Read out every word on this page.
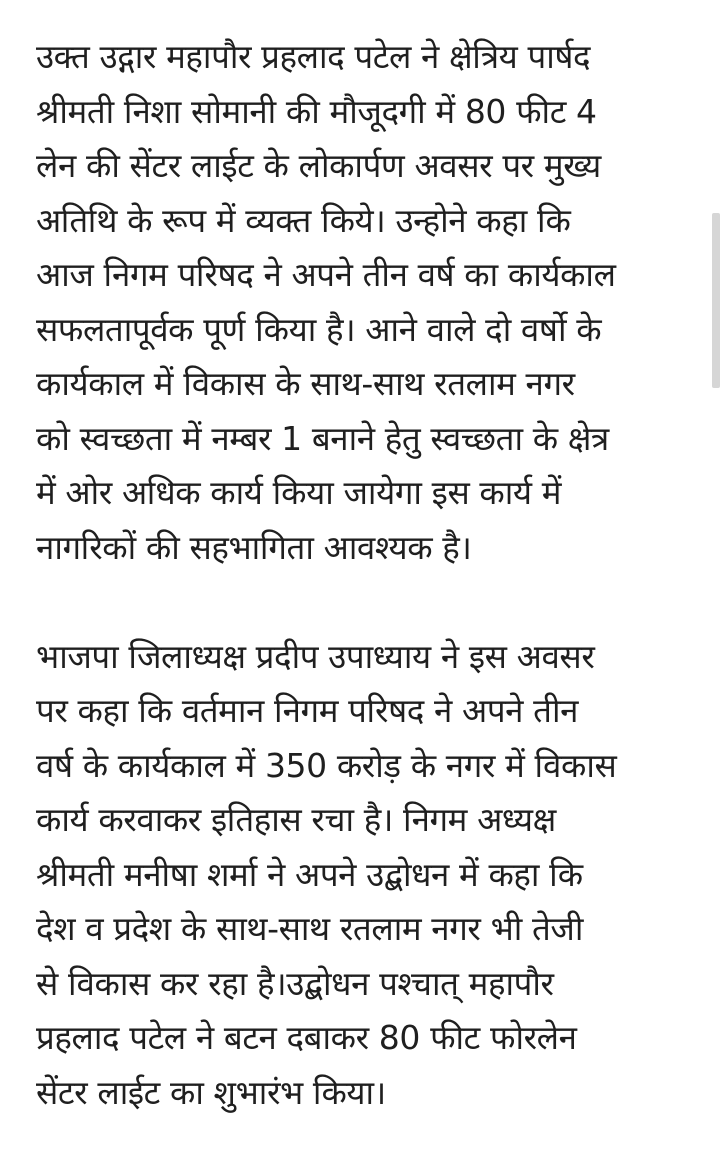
उक्त उद्गार महापौर प्रहलाद पटेल ने क्षेत्रिय पार्षद
श्रीमती निशा सोमानी की मौजूदगी में 80 फीट 4
लेन की सेंटर लाईट के लोकार्पण अवसर पर मुख्य
अतिथि के रूप में व्यक्त किये। उन्होने कहा कि
आज निगम परिषद ने अपने तीन वर्ष का कार्यकाल
सफलतापूर्वक पूर्ण किया है। आने वाले दो वर्षो के
कार्यकाल में विकास के साथ-साथ रतलाम नगर
को स्वच्छता में नम्बर 1 बनाने हेतु स्वच्छता के क्षेत्र
में ओर अधिक कार्य किया जायेगा इस कार्य में
नागरिकों की सहभागिता आवश्यक है।
भाजपा जिलाध्यक्ष प्रदीप उपाध्याय ने इस अवसर
पर कहा कि वर्तमान निगम परिषद ने अपने तीन
वर्ष के कार्यकाल में 350 करोड़ के नगर में विकास
कार्य करवाकर इतिहास रचा है। निगम अध्यक्ष
श्रीमती मनीषा शर्मा ने अपने उद्बोधन में कहा कि
देश व प्रदेश के साथ-साथ रतलाम नगर भी तेजी
से विकास कर रहा है।उद्बोधन पश्चात् महापौर
प्रहलाद पटेल ने बटन दबाकर 80 फीट फोरलेन
सेंटर लाईट का शुभारंभ किया।
